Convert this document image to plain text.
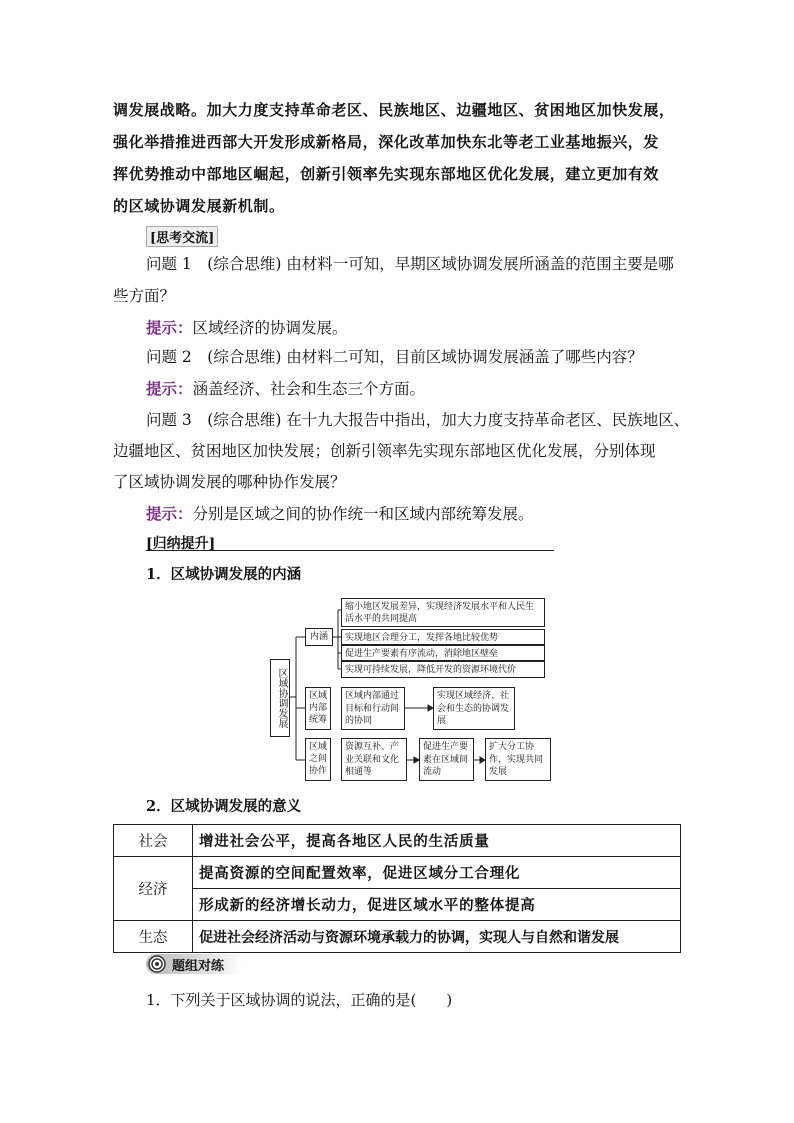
调发展战略。加大力度支持革命老区、民族地区、边疆地区、贫困地区加快发展，
强化举措推进西部大开发形成新格局，深化改革加快东北等老工业基地振兴，发
挥优势推动中部地区崛起，创新引领率先实现东部地区优化发展，建立更加有效
的区域协调发展新机制。
[思考交流]
问题 1　(综合思维) 由材料一可知，早期区域协调发展所涵盖的范围主要是哪
些方面？
提示：区域经济的协调发展。
问题 2　(综合思维) 由材料二可知，目前区域协调发展涵盖了哪些内容？
提示：涵盖经济、社会和生态三个方面。
问题 3　(综合思维) 在十九大报告中指出，加大力度支持革命老区、民族地区、
边疆地区、贫困地区加快发展；创新引领率先实现东部地区优化发展，分别体现
了区域协调发展的哪种协作发展？
提示：分别是区域之间的协作统一和区域内部统筹发展。
[归纳提升]
1．区域协调发展的内涵
区域协调发展
内涵
缩小地区发展差异，实现经济发展水平和人民生活水平的共同提高
实现地区合理分工，发挥各地比较优势
促进生产要素有序流动，消除地区壁垒
实现可持续发展，降低开发的资源环境代价
区域内部统筹
区域内部通过目标和行动间的协同
实现区域经济、社会和生态的协调发展
区域之间协作
资源互补、产业关联和文化相通等
促进生产要素在区域间流动
扩大分工协作，实现共同发展
2．区域协调发展的意义
社会	增进社会公平，提高各地区人民的生活质量
经济	提高资源的空间配置效率，促进区域分工合理化
	形成新的经济增长动力，促进区域水平的整体提高
生态	促进社会经济活动与资源环境承载力的协调，实现人与自然和谐发展
题组对练
1．下列关于区域协调的说法，正确的是(　　)
